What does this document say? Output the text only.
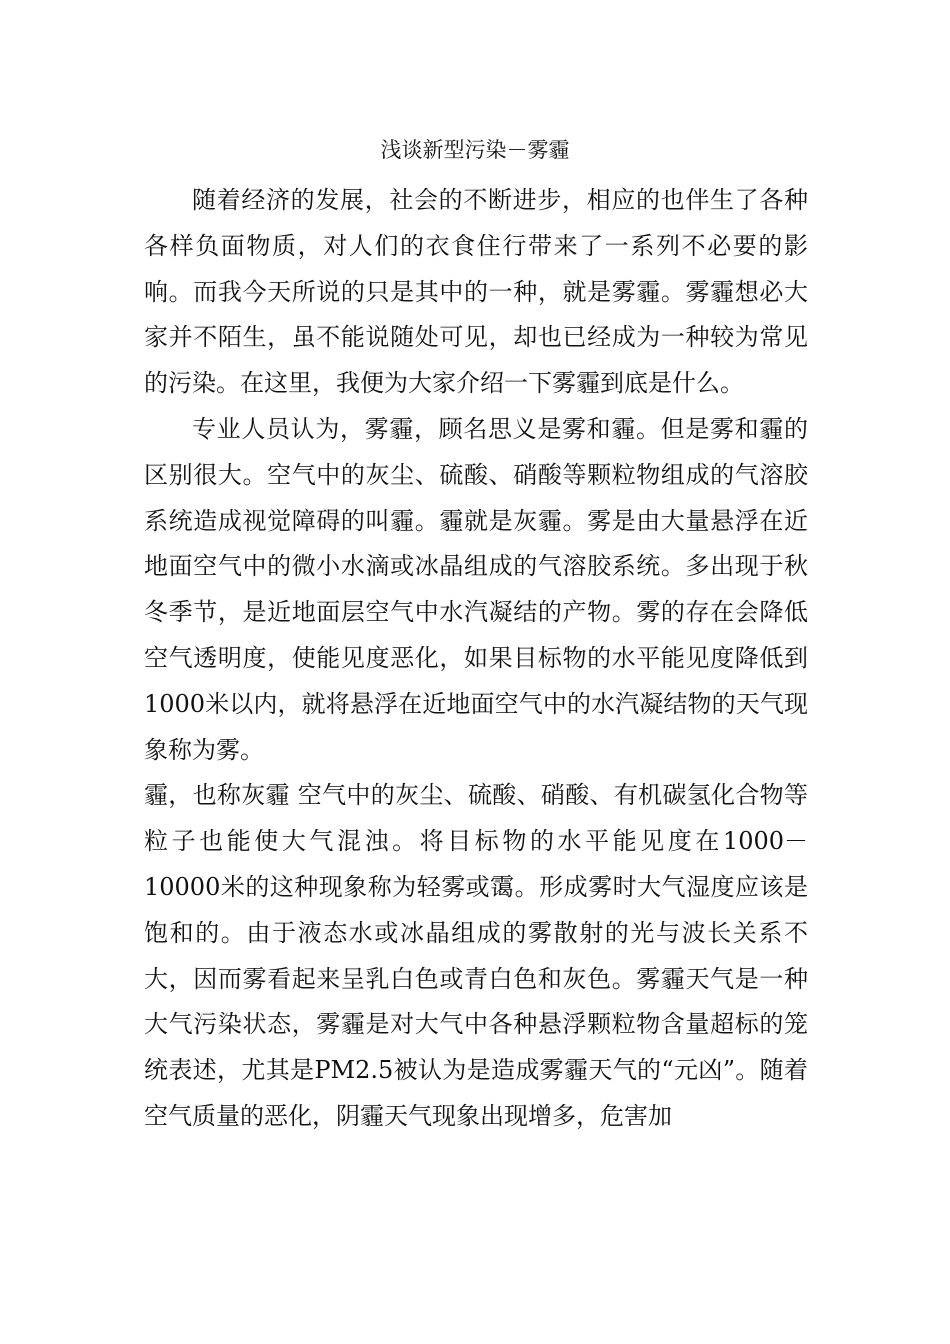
浅谈新型污染－雾霾

随着经济的发展，社会的不断进步，相应的也伴生了各种各样负面物质，对人们的衣食住行带来了一系列不必要的影响。而我今天所说的只是其中的一种，就是雾霾。雾霾想必大家并不陌生，虽不能说随处可见，却也已经成为一种较为常见的污染。在这里，我便为大家介绍一下雾霾到底是什么。

专业人员认为，雾霾，顾名思义是雾和霾。但是雾和霾的区别很大。空气中的灰尘、硫酸、硝酸等颗粒物组成的气溶胶系统造成视觉障碍的叫霾。霾就是灰霾。雾是由大量悬浮在近地面空气中的微小水滴或冰晶组成的气溶胶系统。多出现于秋冬季节，是近地面层空气中水汽凝结的产物。雾的存在会降低空气透明度，使能见度恶化，如果目标物的水平能见度降低到1000米以内，就将悬浮在近地面空气中的水汽凝结物的天气现象称为雾。

霾，也称灰霾 空气中的灰尘、硫酸、硝酸、有机碳氢化合物等粒子也能使大气混浊。将目标物的水平能见度在1000－10000米的这种现象称为轻雾或霭。形成雾时大气湿度应该是饱和的。由于液态水或冰晶组成的雾散射的光与波长关系不大，因而雾看起来呈乳白色或青白色和灰色。雾霾天气是一种大气污染状态，雾霾是对大气中各种悬浮颗粒物含量超标的笼统表述，尤其是PM2.5被认为是造成雾霾天气的“元凶”。随着空气质量的恶化，阴霾天气现象出现增多，危害加
